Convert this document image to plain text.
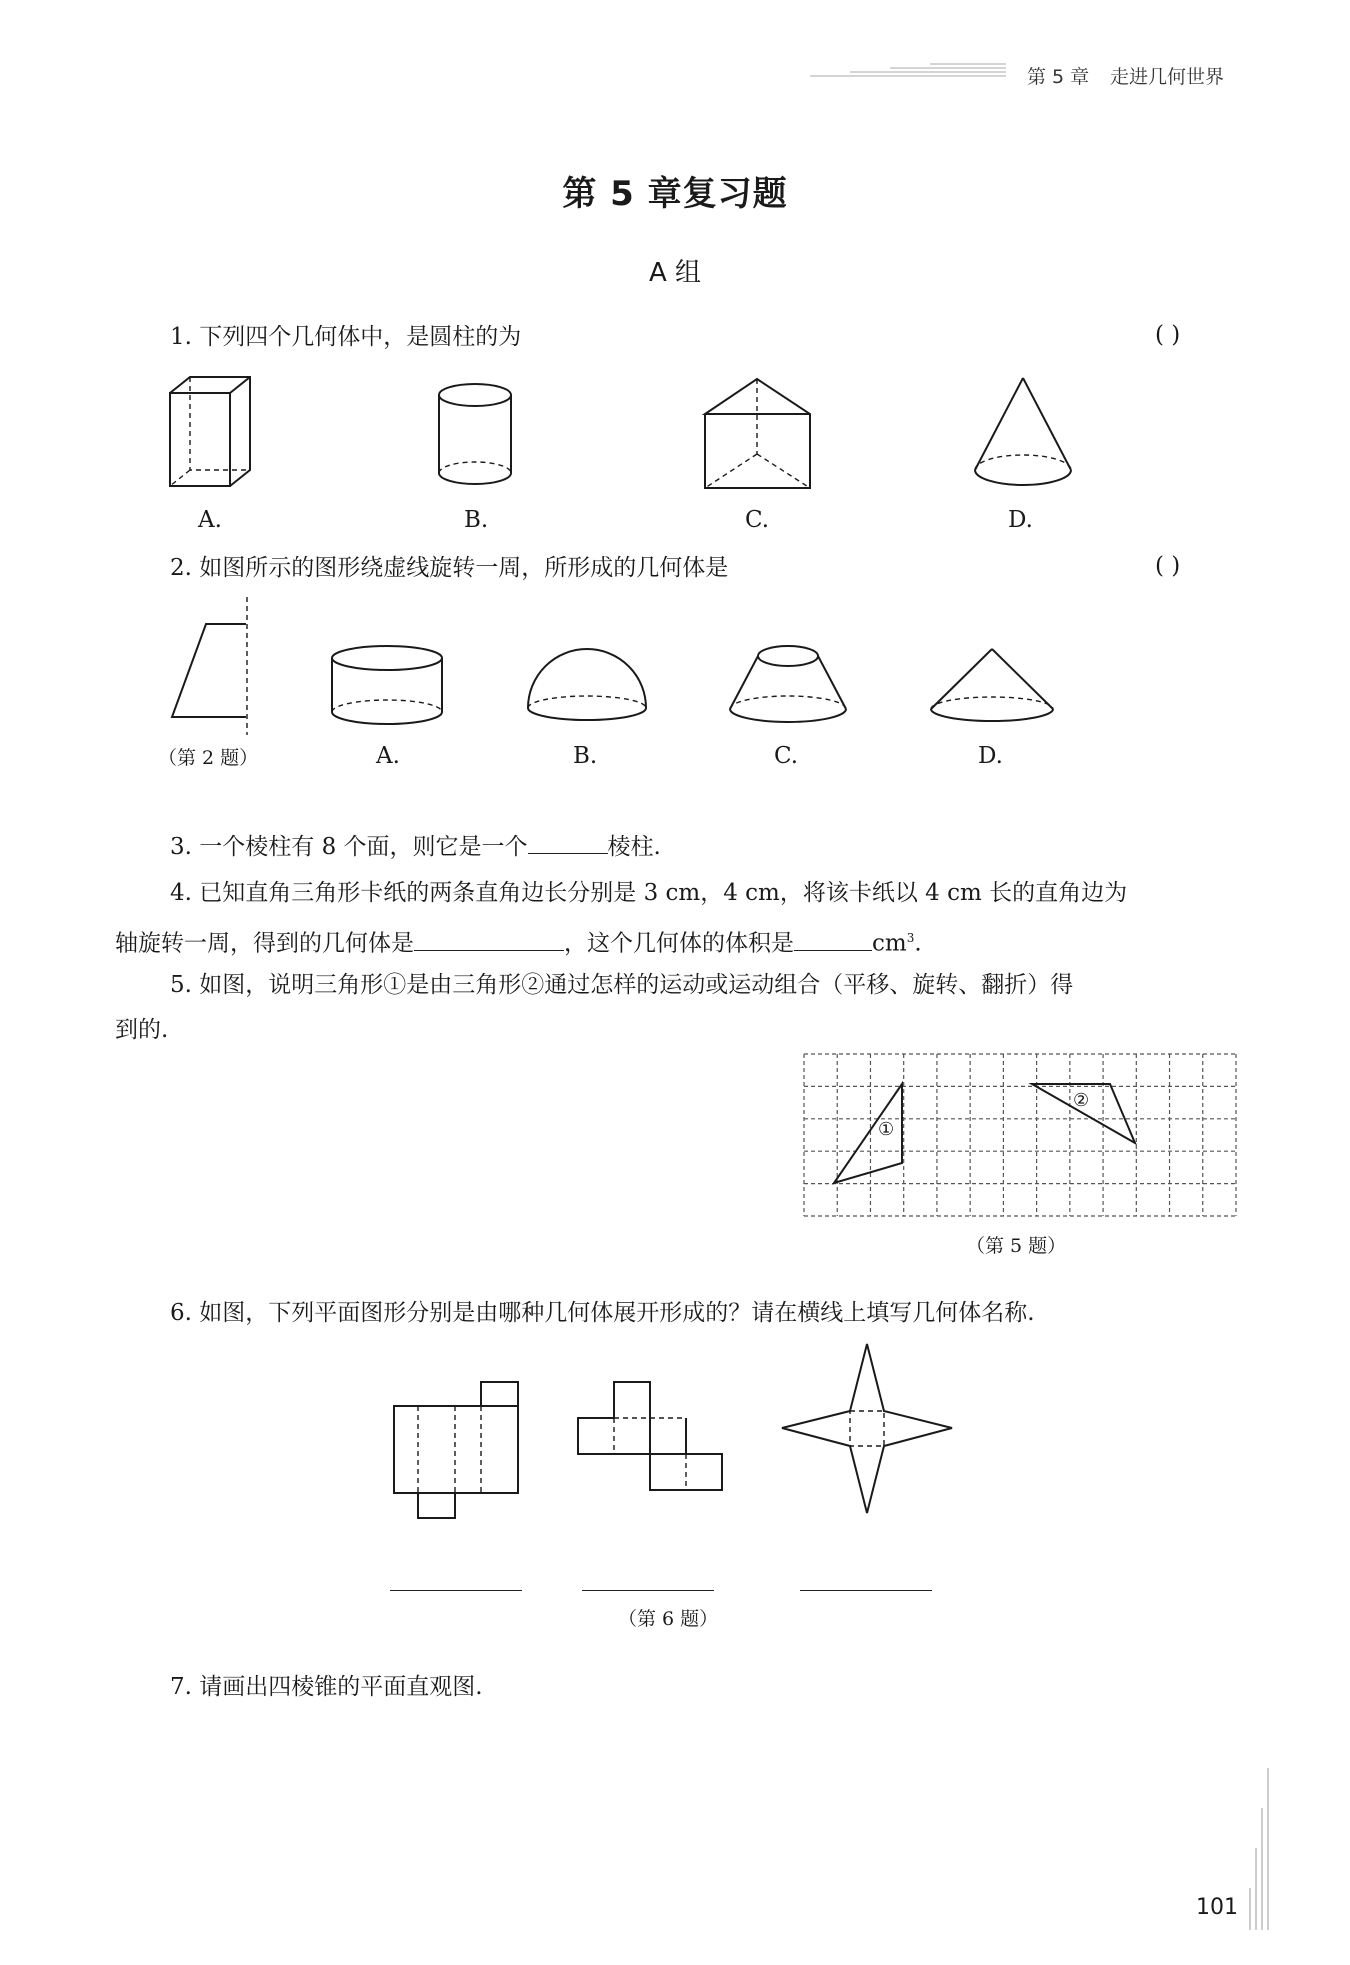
第 5 章 走进几何世界
第 5 章复习题
A 组
1. 下列四个几何体中，是圆柱的为	( )
A.	B.	C.	D.
2. 如图所示的图形绕虚线旋转一周，所形成的几何体是	( )
（第 2 题）	A.	B.	C.	D.
3. 一个棱柱有 8 个面，则它是一个	棱柱.
4. 已知直角三角形卡纸的两条直角边长分别是 3 cm，4 cm，将该卡纸以 4 cm 长的直角边为
轴旋转一周，得到的几何体是	，这个几何体的体积是	$cm^3$.
5. 如图，说明三角形①是由三角形②通过怎样的运动或运动组合（平移、旋转、翻折）得
到的.
①
②
（第 5 题）
6. 如图，下列平面图形分别是由哪种几何体展开形成的？请在横线上填写几何体名称.
（第 6 题）
7. 请画出四棱锥的平面直观图.
101
